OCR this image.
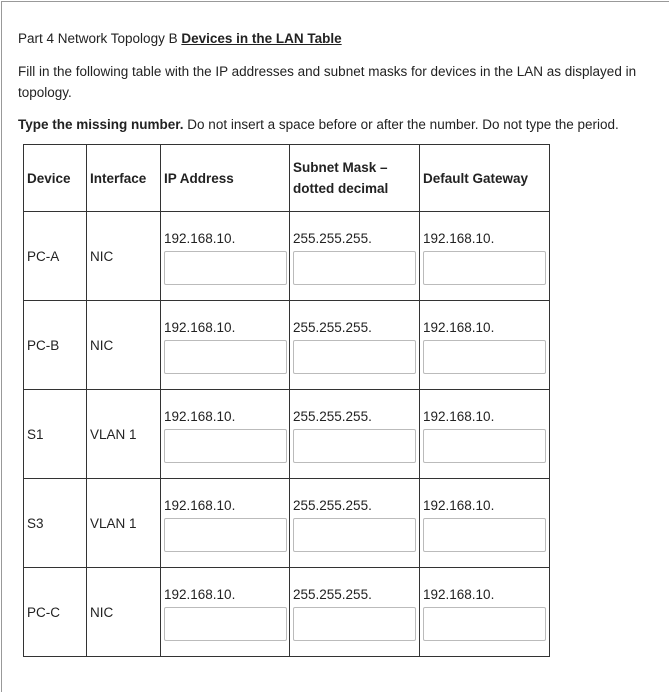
Part 4 Network Topology B Devices in the LAN Table

Fill in the following table with the IP addresses and subnet masks for devices in the LAN as displayed in topology.

Type the missing number. Do not insert a space before or after the number. Do not type the period.

Device	Interface	IP Address	Subnet Mask – dotted decimal	Default Gateway
PC-A	NIC	192.168.10.	255.255.255.	192.168.10.

PC-B	NIC	192.168.10.	255.255.255.	192.168.10.

S1	VLAN 1	192.168.10.	255.255.255.	192.168.10.

S3	VLAN 1	192.168.10.	255.255.255.	192.168.10.

PC-C	NIC	192.168.10.	255.255.255.	192.168.10.
